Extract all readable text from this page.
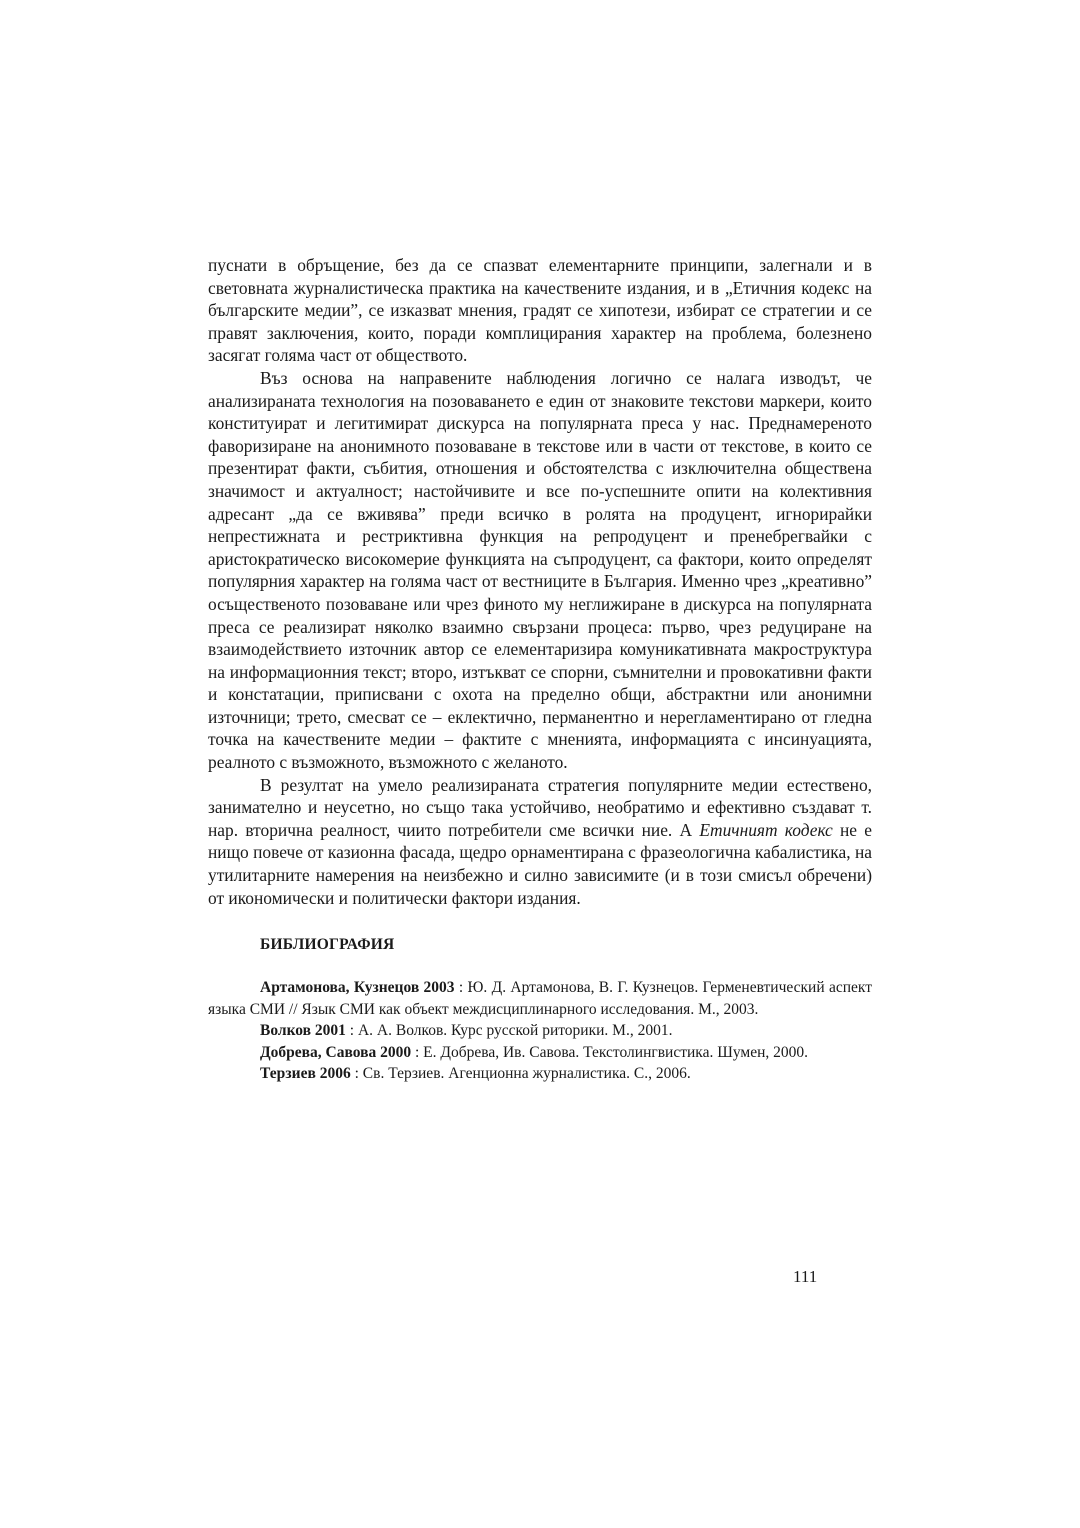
пуснати в обръщение, без да се спазват елементарните принципи, залегнали и в световната журналистическа практика на качествените издания, и в „Етичния кодекс на българските медии”, се изказват мнения, градят се хипотези, избират се стратегии и се правят заключения, които, поради комплицирания характер на проблема, болезнено засягат голяма част от обществото.

Въз основа на направените наблюдения логично се налага изводът, че анализираната технология на позоваването е един от знаковите текстови маркери, които конституират и легитимират дискурса на популярната преса у нас. Преднамереното фаворизиране на анонимното позоваване в текстове или в части от текстове, в които се презентират факти, събития, отношения и обстоятелства с изключителна обществена значимост и актуалност; настойчивите и все по-успешните опити на колективния адресант „да се вживява” преди всичко в ролята на продуцент, игнорирайки непрестижната и рестриктивна функция на репродуцент и пренебрегвайки с аристократическо високомерие функцията на съпродуцент, са фактори, които определят популярния характер на голяма част от вестниците в България. Именно чрез „креативно” осъщественото позоваване или чрез финото му неглижиране в дискурса на популярната преса се реализират няколко взаимно свързани процеса: първо, чрез редуциране на взаимодействието източник автор се елементаризира комуникативната макроструктура на информационния текст; второ, изтъкват се спорни, съмнителни и провокативни факти и констатации, приписвани с охота на пределно общи, абстрактни или анонимни източници; трето, смесват се – еклектично, перманентно и нерегламентирано от гледна точка на качествените медии – фактите с мненията, информацията с инсинуацията, реалното с възможното, възможното с желаното.

В резултат на умело реализираната стратегия популярните медии естествено, занимателно и неусетно, но също така устойчиво, необратимо и ефективно създават т. нар. вторична реалност, чиито потребители сме всички ние. А Етичният кодекс не е нищо повече от казионна фасада, щедро орнаментирана с фразеологична кабалистика, на утилитарните намерения на неизбежно и силно зависимите (и в този смисъл обречени) от икономически и политически фактори издания.

БИБЛИОГРАФИЯ

Артамонова, Кузнецов 2003 : Ю. Д. Артамонова, В. Г. Кузнецов. Герменевтический аспект языка СМИ // Язык СМИ как объект междисциплинарного исследования. М., 2003.

Волков 2001 : А. А. Волков. Курс русской риторики. М., 2001.

Добрева, Савова 2000 : Е. Добрева, Ив. Савова. Текстолингвистика. Шумен, 2000.

Терзиев 2006 : Св. Терзиев. Агенционна журналистика. С., 2006.

111
